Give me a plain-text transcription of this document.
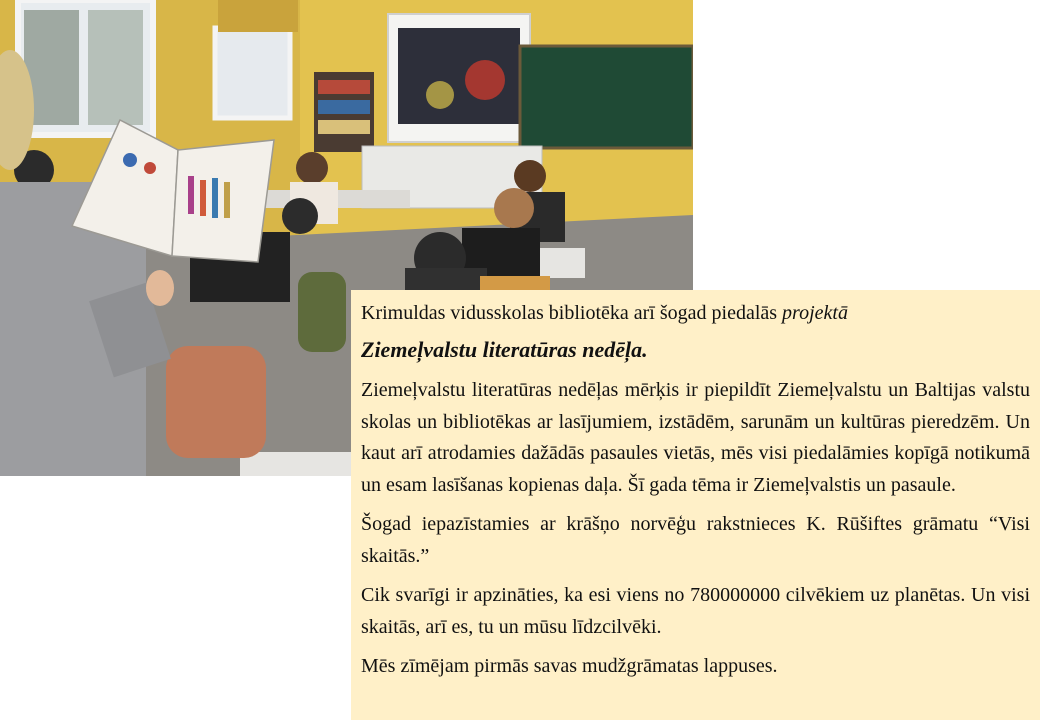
Krimuldas vidusskolas bibliotēka arī šogad piedalās projektā

Ziemeļvalstu literatūras nedēļa.

Ziemeļvalstu literatūras nedēļas mērķis ir piepildīt Ziemeļvalstu un Baltijas valstu skolas un bibliotēkas ar lasījumiem, izstādēm, sarunām un kultūras pieredzēm. Un kaut arī atrodamies dažādās pasaules vietās, mēs visi piedalāmies kopīgā notikumā un esam lasīšanas kopienas daļa. Šī gada tēma ir Ziemeļvalstis un pasaule.

Šogad iepazīstamies ar krāšņo norvēģu rakstnieces K. Rūšiftes grāmatu “Visi skaitās.”

Cik svarīgi ir apzināties, ka esi viens no 780000000 cilvēkiem uz planētas. Un visi skaitās, arī es, tu un mūsu līdzcilvēki.

Mēs zīmējam pirmās savas mudžgrāmatas lappuses.
